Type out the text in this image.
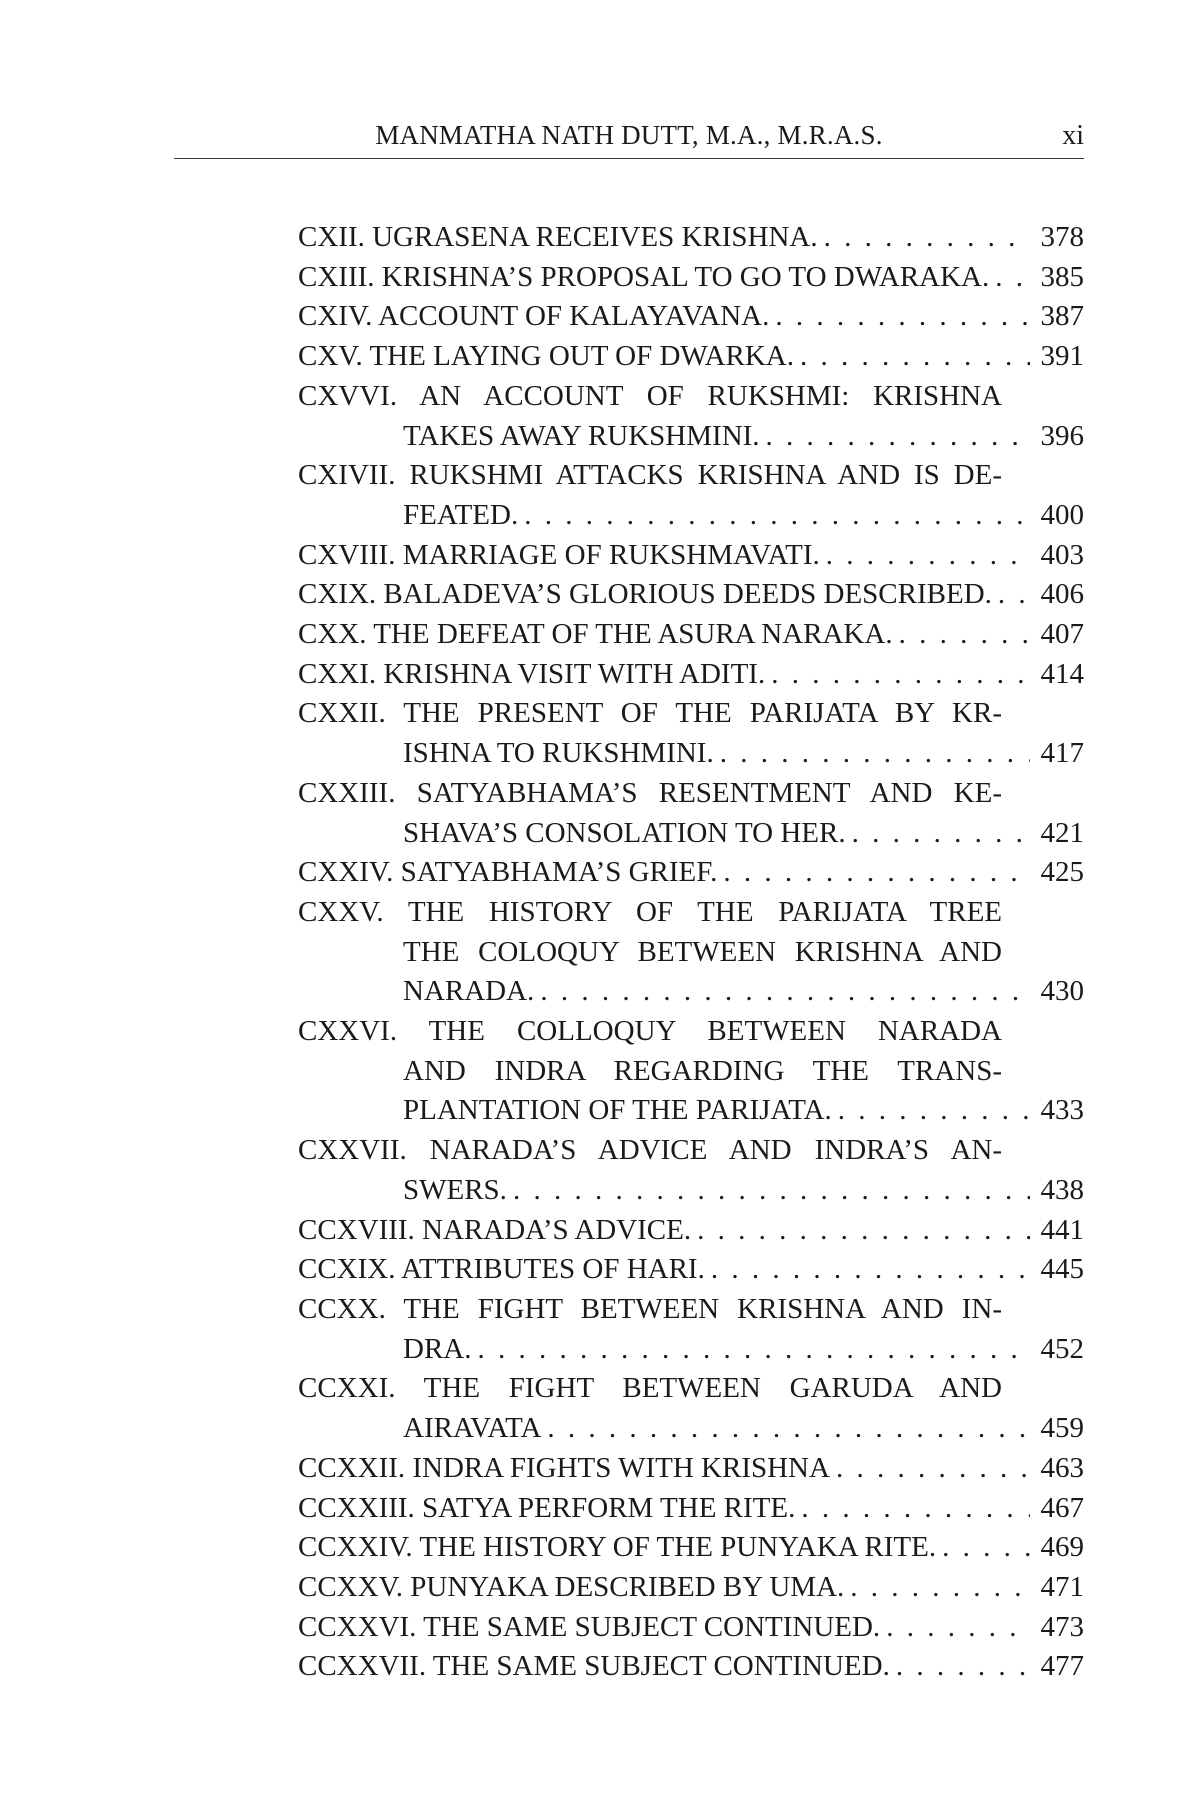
MANMATHA NATH DUTT, M.A., M.R.A.S.	xi
CXII. UGRASENA RECEIVES KRISHNA. . . .	378
CXIII. KRISHNA’S PROPOSAL TO GO TO DWARAKA. . . . 385
CXIV. ACCOUNT OF KALAYAVANA. . . .	387
CXV. THE LAYING OUT OF DWARKA. . . .	391
CXVVI. AN ACCOUNT OF RUKSHMI: KRISHNA
TAKES AWAY RUKSHMINI. . . .	396
CXIVII. RUKSHMI ATTACKS KRISHNA AND IS DE-
FEATED. . . .	400
CXVIII. MARRIAGE OF RUKSHMAVATI. . . .	403
CXIX. BALADEVA’S GLORIOUS DEEDS DESCRIBED. . . . 406
CXX. THE DEFEAT OF THE ASURA NARAKA. . . .	407
CXXI. KRISHNA VISIT WITH ADITI. . . .	414
CXXII. THE PRESENT OF THE PARIJATA BY KR-
ISHNA TO RUKSHMINI. . . .	417
CXXIII. SATYABHAMA’S RESENTMENT AND KE-
SHAVA’S CONSOLATION TO HER. . . .	421
CXXIV. SATYABHAMA’S GRIEF. . . .	425
CXXV. THE HISTORY OF THE PARIJATA TREE
THE COLOQUY BETWEEN KRISHNA AND
NARADA. . . .	430
CXXVI. THE COLLOQUY BETWEEN NARADA
AND INDRA REGARDING THE TRANS-
PLANTATION OF THE PARIJATA. . . .	433
CXXVII. NARADA’S ADVICE AND INDRA’S AN-
SWERS. . . .	438
CCXVIII. NARADA’S ADVICE. . . .	441
CCXIX. ATTRIBUTES OF HARI. . . .	445
CCXX. THE FIGHT BETWEEN KRISHNA AND IN-
DRA. . . .	452
CCXXI. THE FIGHT BETWEEN GARUDA AND
AIRAVATA . . .	459
CCXXII. INDRA FIGHTS WITH KRISHNA . . .	463
CCXXIII. SATYA PERFORM THE RITE. . . .	467
CCXXIV. THE HISTORY OF THE PUNYAKA RITE. . . .	469
CCXXV. PUNYAKA DESCRIBED BY UMA. . . .	471
CCXXVI. THE SAME SUBJECT CONTINUED. . . .	473
CCXXVII. THE SAME SUBJECT CONTINUED. . . .	477
